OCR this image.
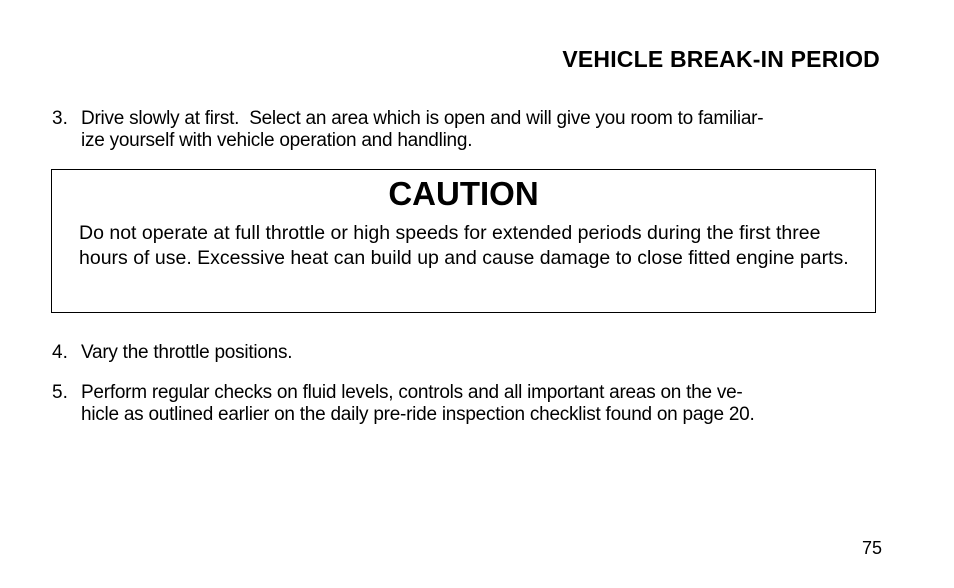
VEHICLE BREAK-IN PERIOD
3. Drive slowly at first.  Select an area which is open and will give you room to familiar-
ize yourself with vehicle operation and handling.
CAUTION
Do not operate at full throttle or high speeds for extended periods during the first three hours of use. Excessive heat can build up and cause damage to close fitted engine parts.
4. Vary the throttle positions.
5. Perform regular checks on fluid levels, controls and all important areas on the ve-
hicle as outlined earlier on the daily pre-ride inspection checklist found on page 20.
75
